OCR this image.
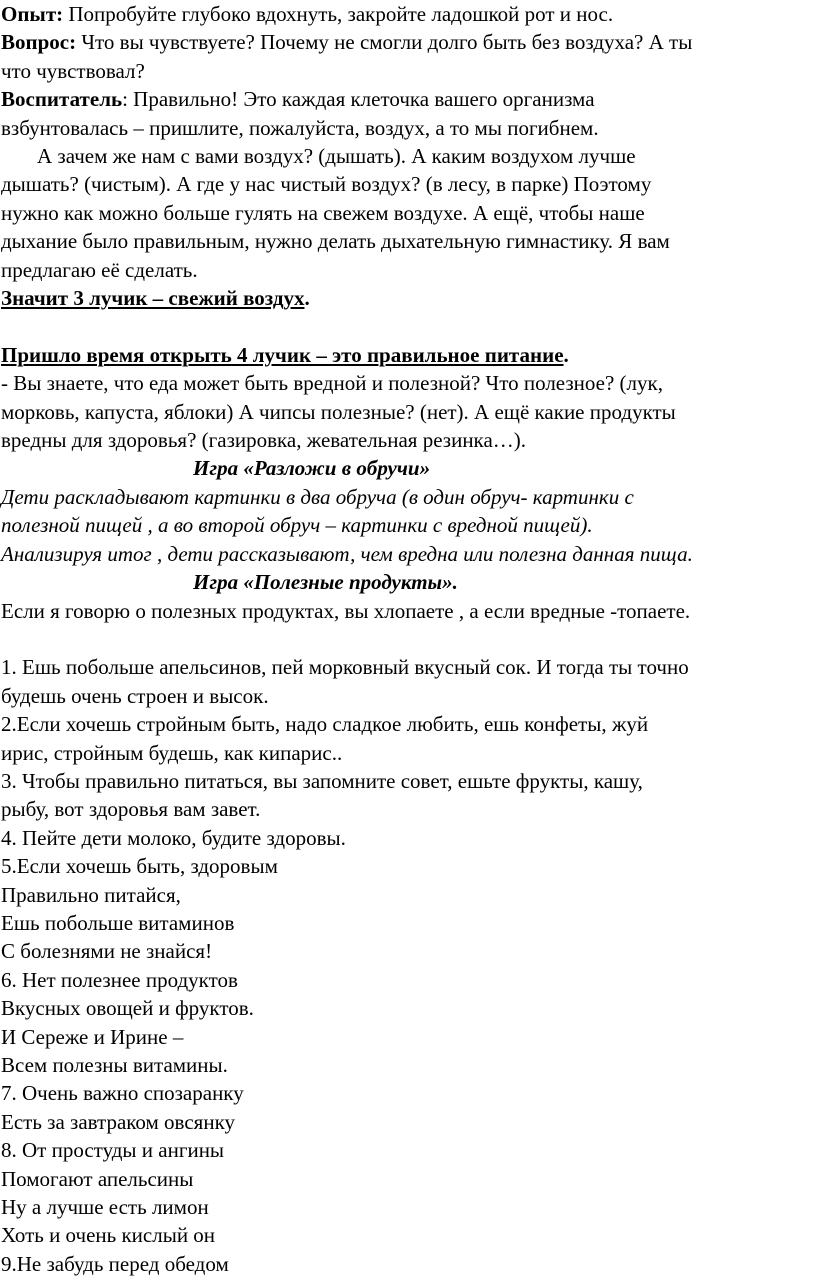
Опыт: Попробуйте глубоко вдохнуть, закройте ладошкой рот и нос.

Вопрос: Что вы чувствуете? Почему не смогли долго быть без воздуха? А ты

что чувствовал?

Воспитатель: Правильно! Это каждая клеточка вашего организма

взбунтовалась – пришлите, пожалуйста, воздух, а то мы погибнем.

А зачем же нам с вами воздух? (дышать). А каким воздухом лучше

дышать? (чистым). А где у нас чистый воздух? (в лесу, в парке) Поэтому

нужно как можно больше гулять на свежем воздухе. А ещё, чтобы наше

дыхание было правильным, нужно делать дыхательную гимнастику. Я вам

предлагаю её сделать.

Значит 3 лучик – свежий воздух.

Пришло время открыть 4 лучик – это правильное питание.

- Вы знаете, что еда может быть вредной и полезной? Что полезное? (лук,

морковь, капуста, яблоки) А чипсы полезные? (нет). А ещё какие продукты

вредны для здоровья? (газировка, жевательная резинка…).

Игра «Разложи в обручи»

Дети раскладывают картинки в два обруча (в один обруч- картинки с

полезной пищей , а во второй обруч – картинки с вредной пищей).

Анализируя итог , дети рассказывают, чем вредна или полезна данная пища.

Игра «Полезные продукты».

Если я говорю о полезных продуктах, вы хлопаете , а если вредные -топаете.

1. Ешь побольше апельсинов, пей морковный вкусный сок. И тогда ты точно

будешь очень строен и высок.

2.Если хочешь стройным быть, надо сладкое любить, ешь конфеты, жуй

ирис, стройным будешь, как кипарис..

3. Чтобы правильно питаться, вы запомните совет, ешьте фрукты, кашу,

рыбу, вот здоровья вам завет.

4. Пейте дети молоко, будите здоровы.

5.Если хочешь быть, здоровым

Правильно питайся,

Ешь побольше витаминов

С болезнями не знайся!

6. Нет полезнее продуктов

Вкусных овощей и фруктов.

И Сереже и Ирине –

Всем полезны витамины.

7. Очень важно спозаранку

Есть за завтраком овсянку

8. От простуды и ангины

Помогают апельсины

Ну а лучше есть лимон

Хоть и очень кислый он

9.Не забудь перед обедом
